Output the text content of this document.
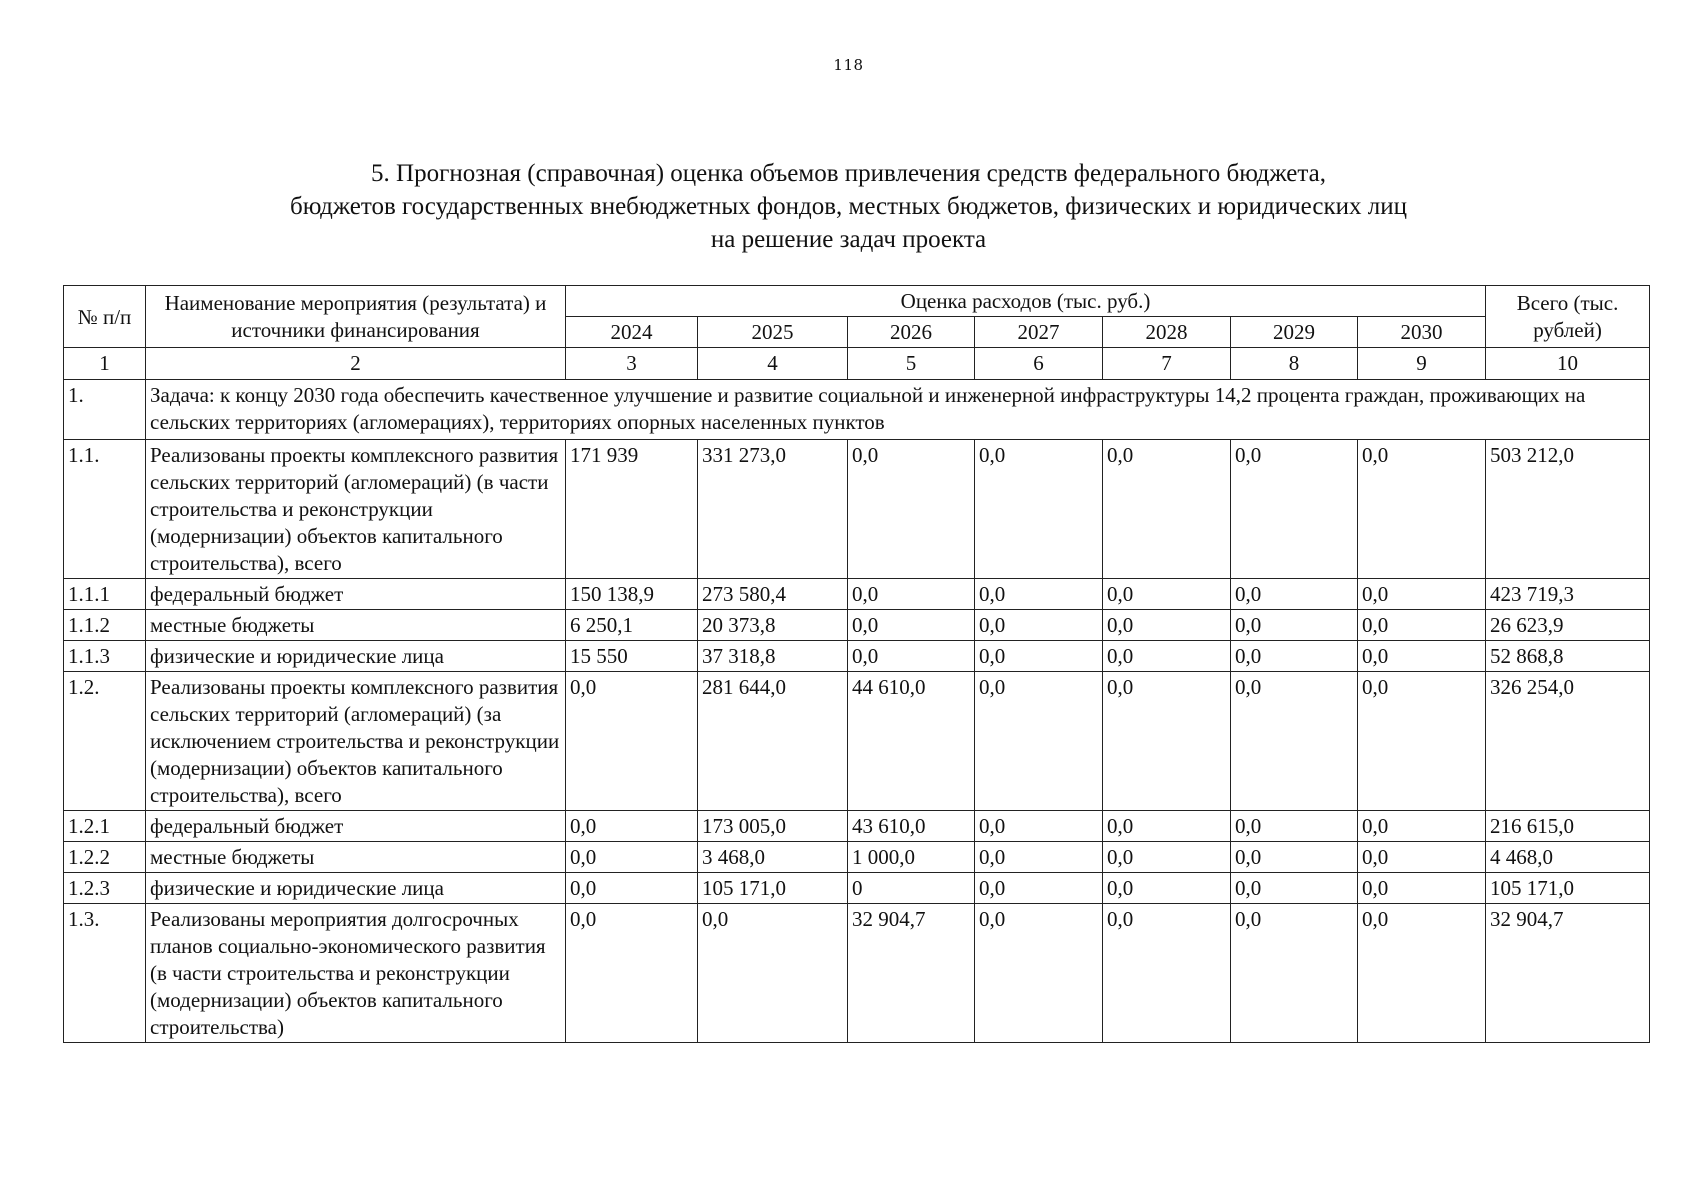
118
5. Прогнозная (справочная) оценка объемов привлечения средств федерального бюджета,
бюджетов государственных внебюджетных фондов, местных бюджетов, физических и юридических лиц
на решение задач проекта
№ п/п	Наименование мероприятия (результата) и источники финансирования	Оценка расходов (тыс. руб.)							Всего (тыс. рублей)
		2024	2025	2026	2027	2028	2029	2030	
1	2	3	4	5	6	7	8	9	10
1.	Задача: к концу 2030 года обеспечить качественное улучшение и развитие социальной и инженерной инфраструктуры 14,2 процента граждан, проживающих на сельских территориях (агломерациях), территориях опорных населенных пунктов								
1.1.	Реализованы проекты комплексного развития сельских территорий (агломераций) (в части строительства и реконструкции (модернизации) объектов капитального строительства), всего	171 939	331 273,0	0,0	0,0	0,0	0,0	0,0	503 212,0
1.1.1	федеральный бюджет	150 138,9	273 580,4	0,0	0,0	0,0	0,0	0,0	423 719,3
1.1.2	местные бюджеты	6 250,1	20 373,8	0,0	0,0	0,0	0,0	0,0	26 623,9
1.1.3	физические и юридические лица	15 550	37 318,8	0,0	0,0	0,0	0,0	0,0	52 868,8
1.2.	Реализованы проекты комплексного развития сельских территорий (агломераций) (за исключением строительства и реконструкции (модернизации) объектов капитального строительства), всего	0,0	281 644,0	44 610,0	0,0	0,0	0,0	0,0	326 254,0
1.2.1	федеральный бюджет	0,0	173 005,0	43 610,0	0,0	0,0	0,0	0,0	216 615,0
1.2.2	местные бюджеты	0,0	3 468,0	1 000,0	0,0	0,0	0,0	0,0	4 468,0
1.2.3	физические и юридические лица	0,0	105 171,0	0	0,0	0,0	0,0	0,0	105 171,0
1.3.	Реализованы мероприятия долгосрочных планов социально-экономического развития (в части строительства и реконструкции (модернизации) объектов капитального строительства)	0,0	0,0	32 904,7	0,0	0,0	0,0	0,0	32 904,7
